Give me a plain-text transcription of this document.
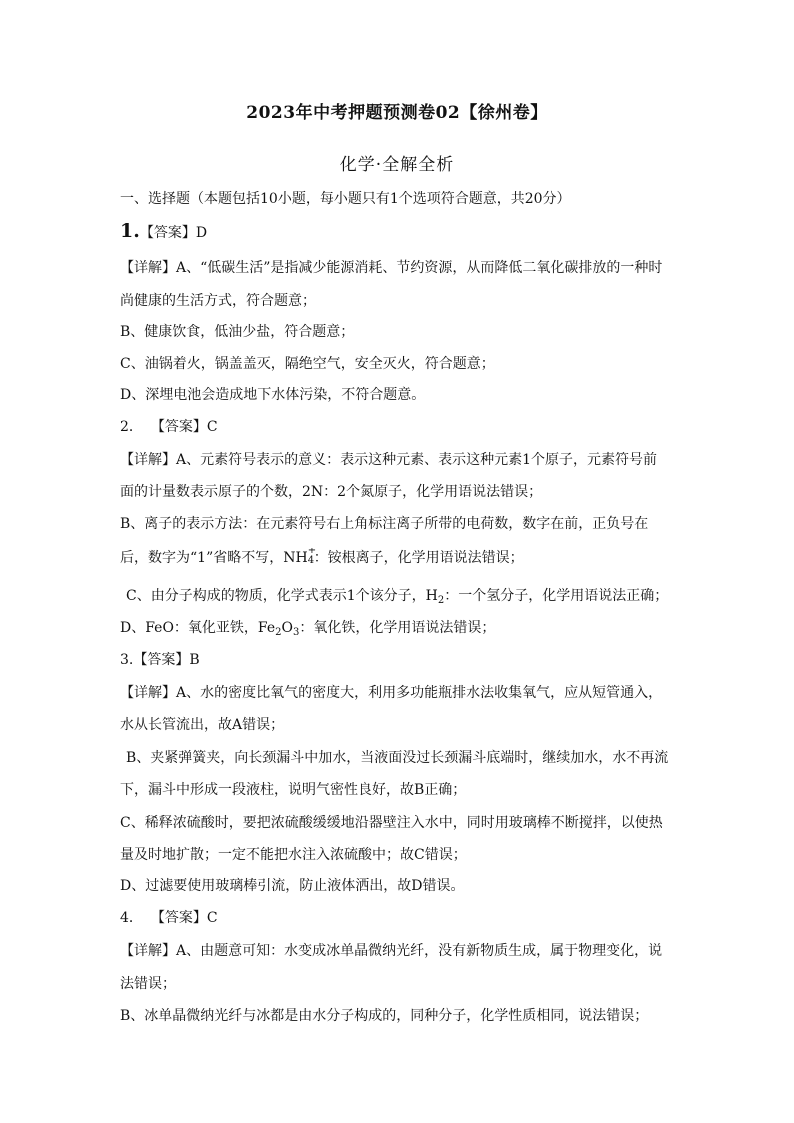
2023年中考押题预测卷02【徐州卷】
化学·全解全析
一、选择题（本题包括10小题，每小题只有1个选项符合题意，共20分）
1.【答案】D
【详解】A、“低碳生活”是指减少能源消耗、节约资源，从而降低二氧化碳排放的一种时
尚健康的生活方式，符合题意；
B、健康饮食，低油少盐，符合题意；
C、油锅着火，锅盖盖灭，隔绝空气，安全灭火，符合题意；
D、深埋电池会造成地下水体污染，不符合题意。
2． 【答案】C
【详解】A、元素符号表示的意义：表示这种元素、表示这种元素1个原子，元素符号前
面的计量数表示原子的个数，2N：2个氮原子，化学用语说法错误；
B、离子的表示方法：在元素符号右上角标注离子所带的电荷数，数字在前，正负号在
后，数字为“1”省略不写，NH +
4 ：铵根离子，化学用语说法错误；
C、由分子构成的物质，化学式表示1个该分子，$H_2$：一个氢分子，化学用语说法正确；
D、FeO：氧化亚铁，$Fe_2O_3$：氧化铁，化学用语说法错误；
3.【答案】B
【详解】A、水的密度比氧气的密度大，利用多功能瓶排水法收集氧气，应从短管通入，
水从长管流出，故A错误；
B、夹紧弹簧夹，向长颈漏斗中加水，当液面没过长颈漏斗底端时，继续加水，水不再流
下，漏斗中形成一段液柱，说明气密性良好，故B正确；
C、稀释浓硫酸时，要把浓硫酸缓缓地沿器壁注入水中，同时用玻璃棒不断搅拌，以使热
量及时地扩散；一定不能把水注入浓硫酸中；故C错误；
D、过滤要使用玻璃棒引流，防止液体洒出，故D错误。
4． 【答案】C
【详解】A、由题意可知：水变成冰单晶微纳光纤，没有新物质生成，属于物理变化，说
法错误；
B、冰单晶微纳光纤与冰都是由水分子构成的，同种分子，化学性质相同，说法错误；
